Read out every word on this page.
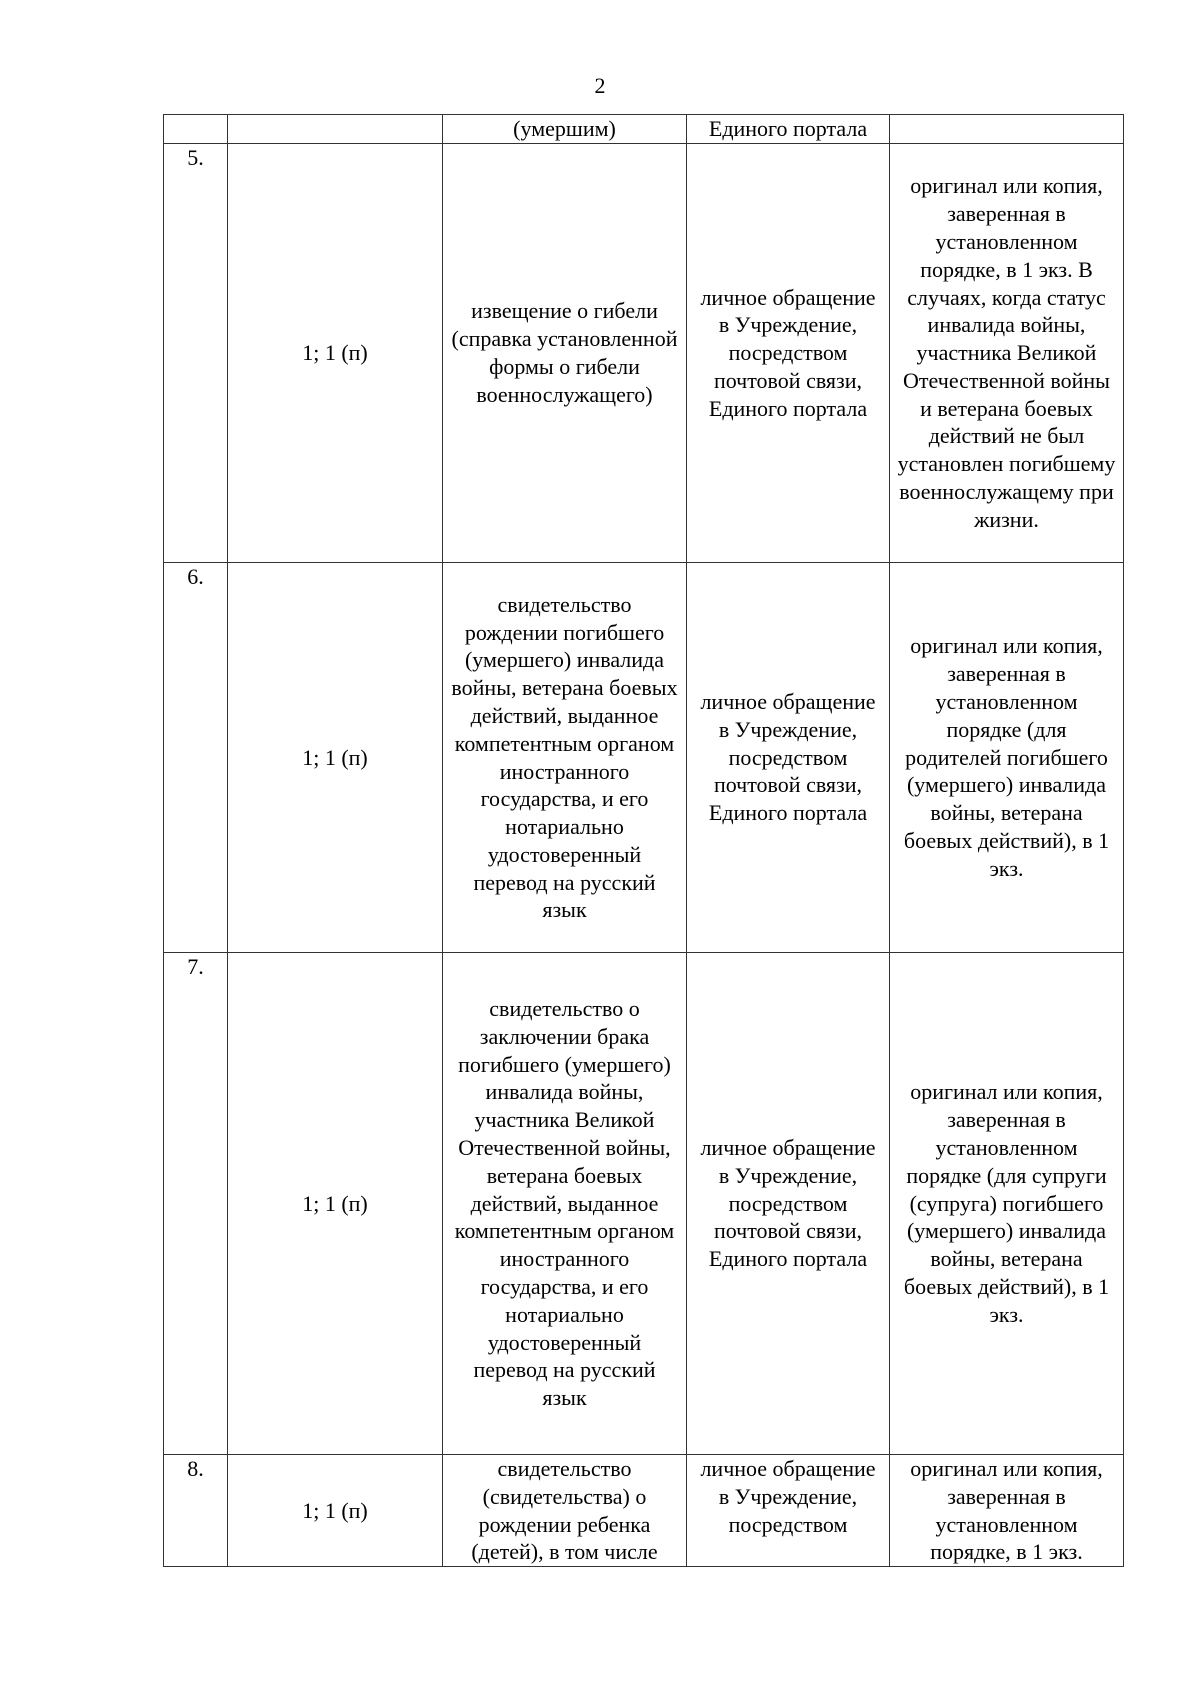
2
		(умершим)	Единого портала	
5.	1; 1 (п)	извещение о гибели (справка установленной формы о гибели военнослужащего)	личное обращение в Учреждение, посредством почтовой связи, Единого портала	оригинал или копия, заверенная в установленном порядке, в 1 экз. В случаях, когда статус инвалида войны, участника Великой Отечественной войны и ветерана боевых действий не был установлен погибшему военнослужащему при жизни.
6.	1; 1 (п)	свидетельство рождении погибшего (умершего) инвалида войны, ветерана боевых действий, выданное компетентным органом иностранного государства, и его нотариально удостоверенный перевод на русский язык	личное обращение в Учреждение, посредством почтовой связи, Единого портала	оригинал или копия, заверенная в установленном порядке (для родителей погибшего (умершего) инвалида войны, ветерана боевых действий), в 1 экз.
7.	1; 1 (п)	свидетельство о заключении брака погибшего (умершего) инвалида войны, участника Великой Отечественной войны, ветерана боевых действий, выданное компетентным органом иностранного государства, и его нотариально удостоверенный перевод на русский язык	личное обращение в Учреждение, посредством почтовой связи, Единого портала	оригинал или копия, заверенная в установленном порядке (для супруги (супруга) погибшего (умершего) инвалида войны, ветерана боевых действий), в 1 экз.
8.	1; 1 (п)	свидетельство (свидетельства) о рождении ребенка (детей), в том числе	личное обращение в Учреждение, посредством	оригинал или копия, заверенная в установленном порядке, в 1 экз.
